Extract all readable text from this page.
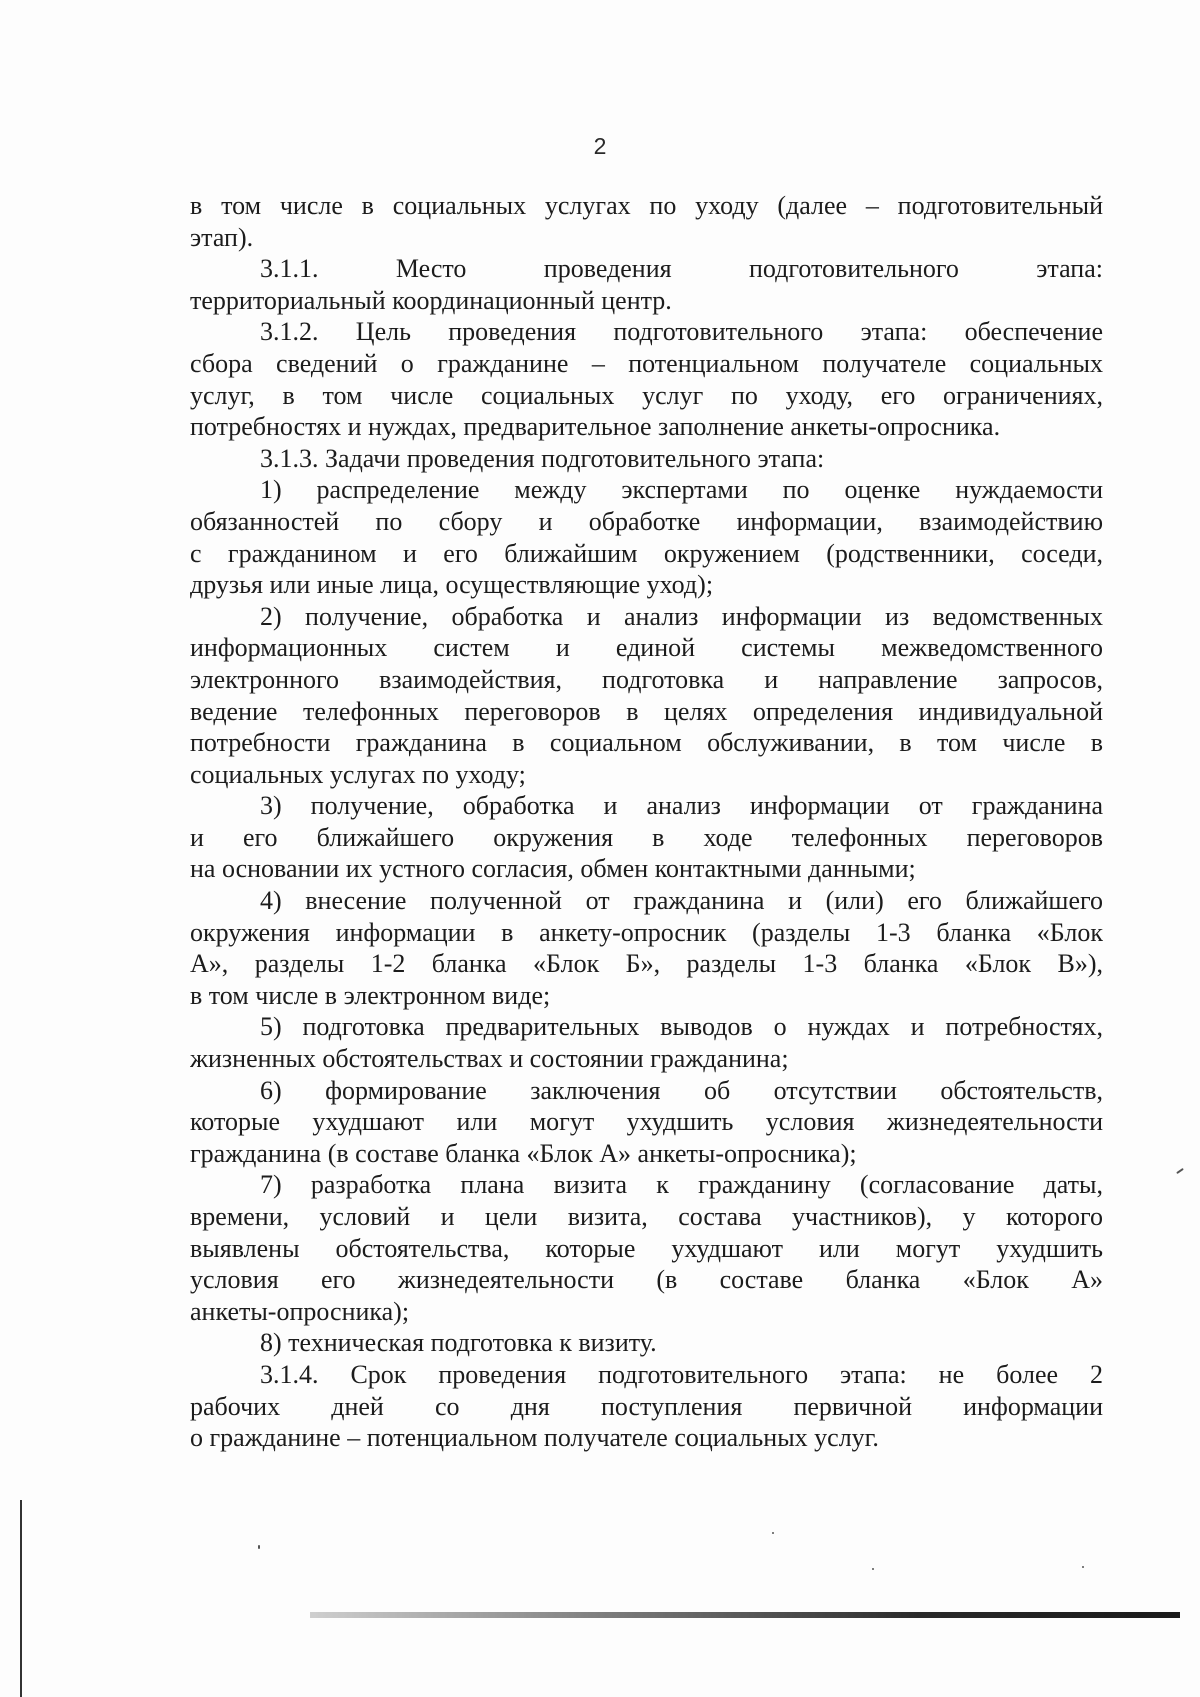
2
в том числе в социальных услугах по уходу (далее – подготовительный
этап).
3.1.1. Место проведения подготовительного этапа:
территориальный координационный центр.
3.1.2. Цель проведения подготовительного этапа: обеспечение
сбора сведений о гражданине – потенциальном получателе социальных
услуг, в том числе социальных услуг по уходу, его ограничениях,
потребностях и нуждах, предварительное заполнение анкеты-опросника.
3.1.3. Задачи проведения подготовительного этапа:
1) распределение между экспертами по оценке нуждаемости
обязанностей по сбору и обработке информации, взаимодействию
с гражданином и его ближайшим окружением (родственники, соседи,
друзья или иные лица, осуществляющие уход);
2) получение, обработка и анализ информации из ведомственных
информационных систем и единой системы межведомственного
электронного взаимодействия, подготовка и направление запросов,
ведение телефонных переговоров в целях определения индивидуальной
потребности гражданина в социальном обслуживании, в том числе в
социальных услугах по уходу;
3) получение, обработка и анализ информации от гражданина
и его ближайшего окружения в ходе телефонных переговоров
на основании их устного согласия, обмен контактными данными;
4) внесение полученной от гражданина и (или) его ближайшего
окружения информации в анкету-опросник (разделы 1-3 бланка «Блок
А», разделы 1-2 бланка «Блок Б», разделы 1-3 бланка «Блок В»),
в том числе в электронном виде;
5) подготовка предварительных выводов о нуждах и потребностях,
жизненных обстоятельствах и состоянии гражданина;
6) формирование заключения об отсутствии обстоятельств,
которые ухудшают или могут ухудшить условия жизнедеятельности
гражданина (в составе бланка «Блок А» анкеты-опросника);
7) разработка плана визита к гражданину (согласование даты,
времени, условий и цели визита, состава участников), у которого
выявлены обстоятельства, которые ухудшают или могут ухудшить
условия его жизнедеятельности (в составе бланка «Блок А»
анкеты-опросника);
8) техническая подготовка к визиту.
3.1.4. Срок проведения подготовительного этапа: не более 2
рабочих дней со дня поступления первичной информации
о гражданине – потенциальном получателе социальных услуг.
